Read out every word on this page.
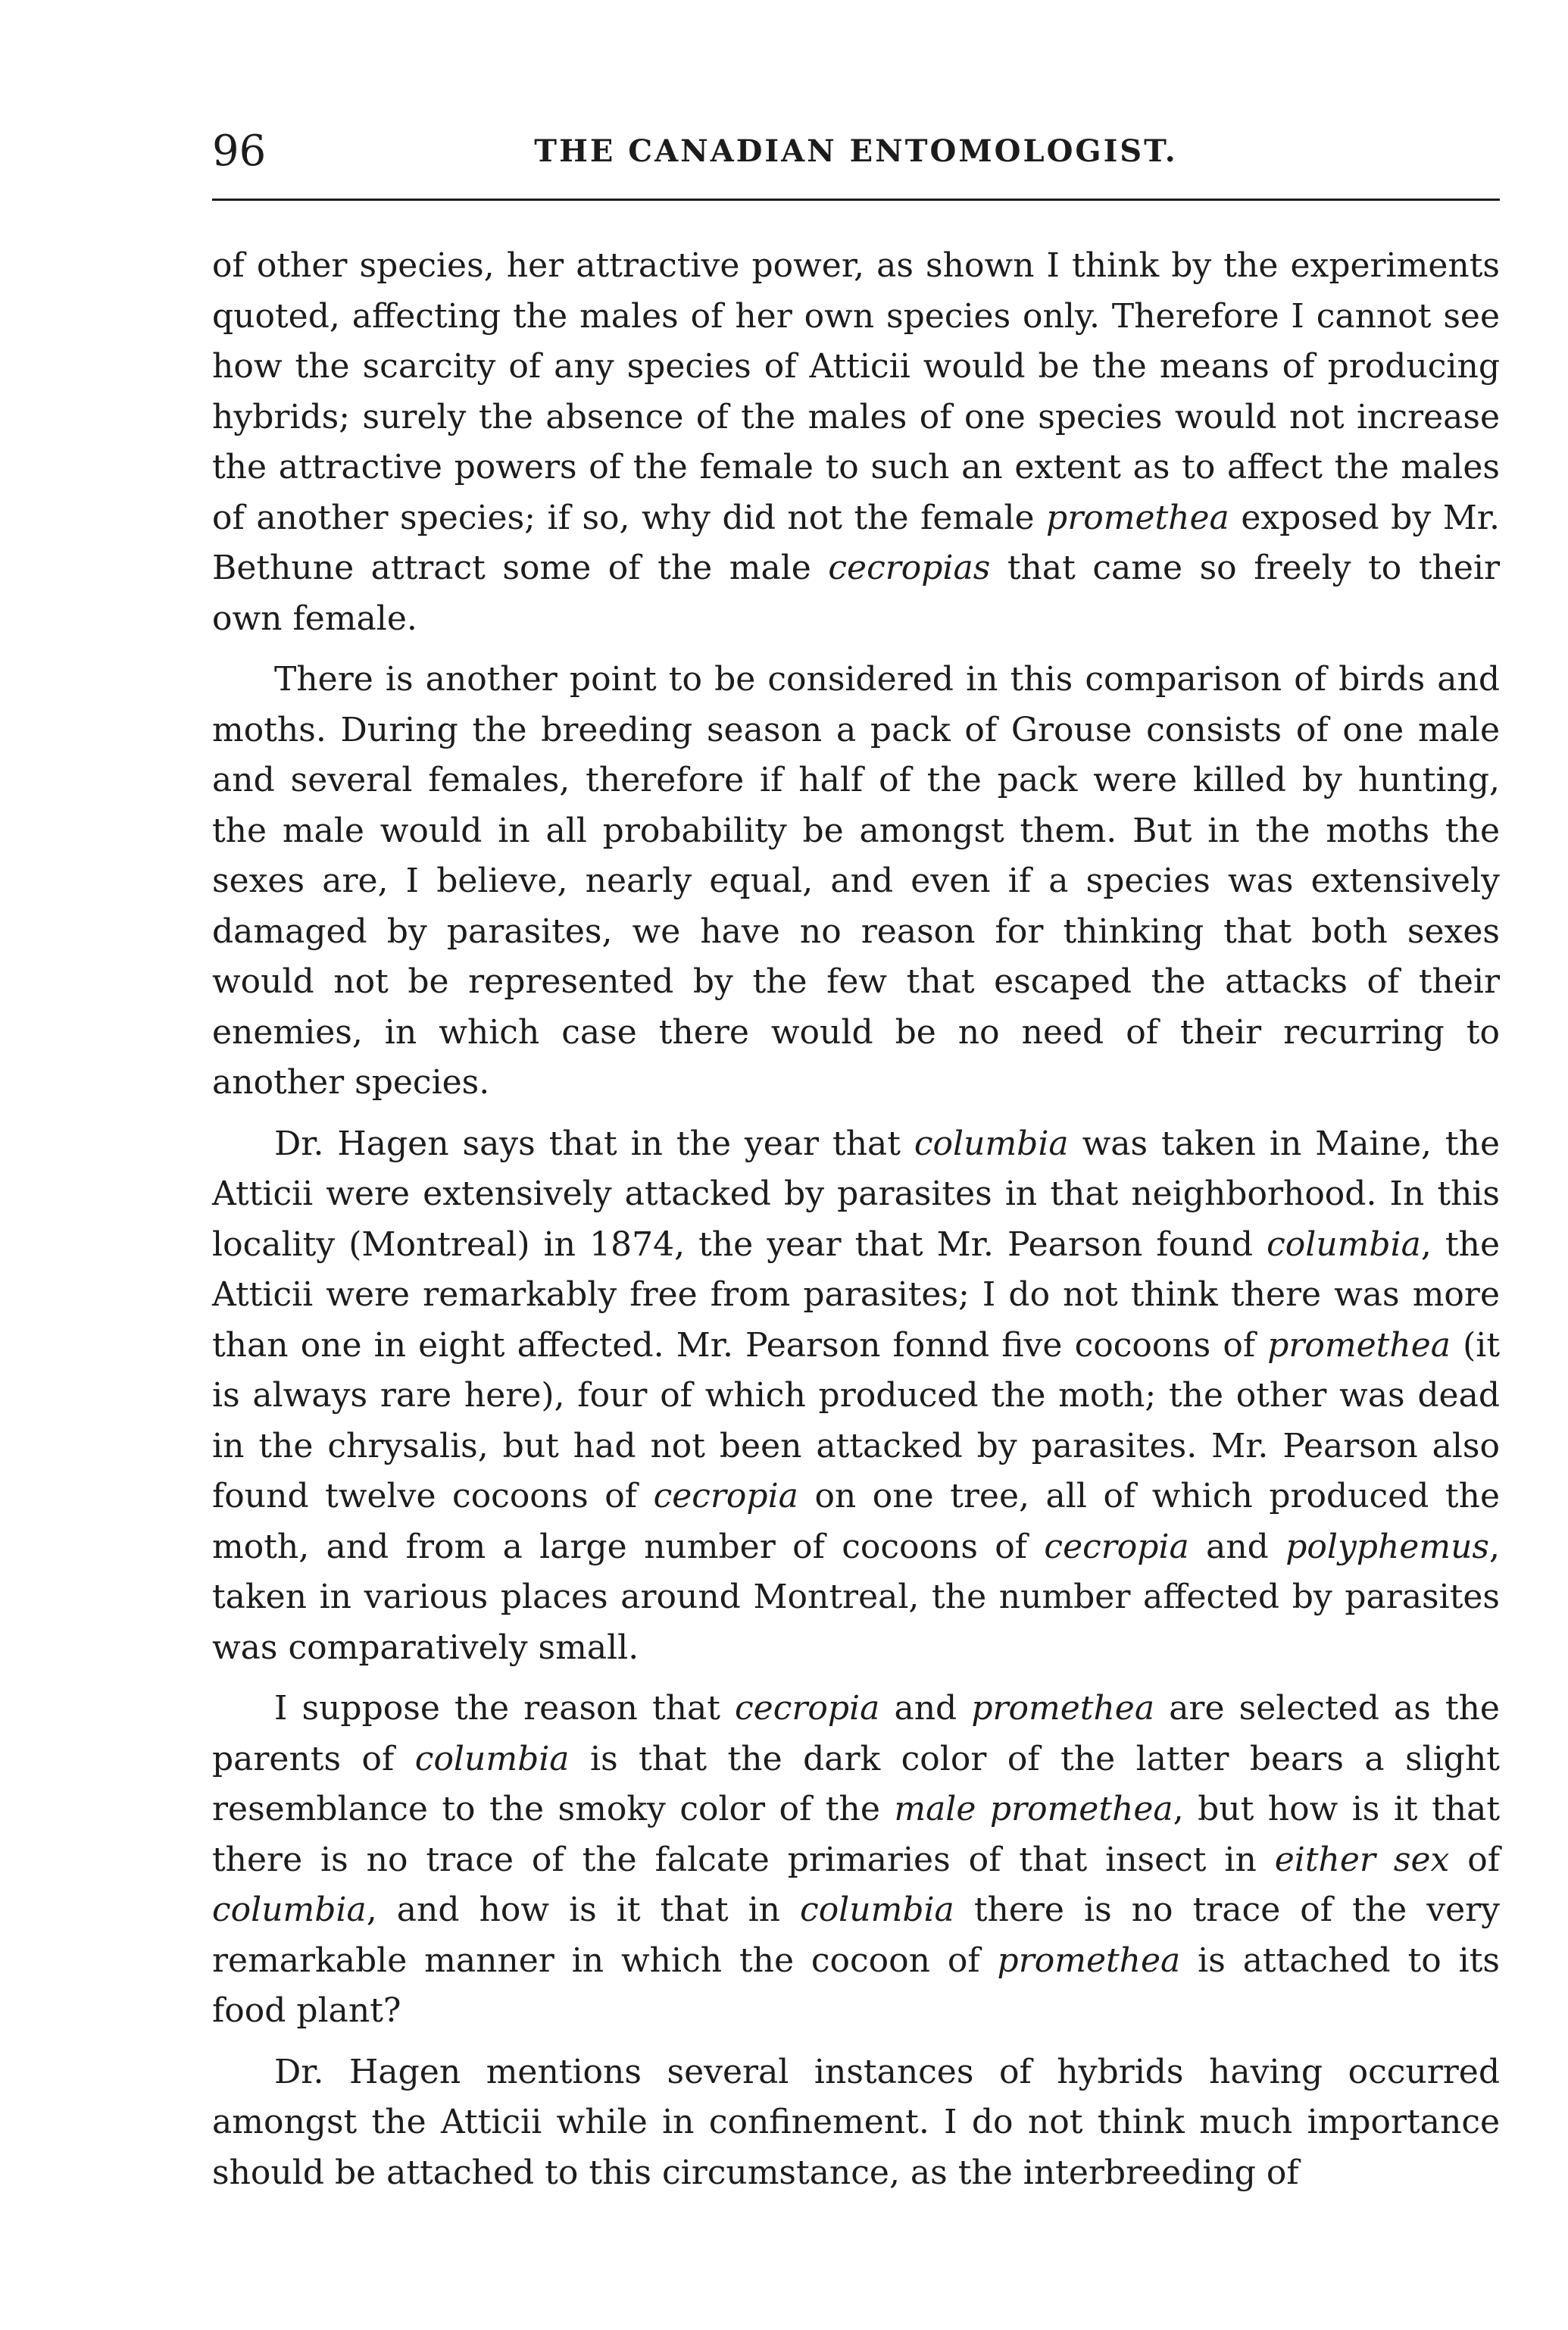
96	THE CANADIAN ENTOMOLOGIST.

of other species, her attractive power, as shown I think by the experiments quoted, affecting the males of her own species only. Therefore I cannot see how the scarcity of any species of Atticii would be the means of producing hybrids; surely the absence of the males of one species would not increase the attractive powers of the female to such an extent as to affect the males of another species; if so, why did not the female promethea exposed by Mr. Bethune attract some of the male cecropias that came so freely to their own female.

There is another point to be considered in this comparison of birds and moths. During the breeding season a pack of Grouse consists of one male and several females, therefore if half of the pack were killed by hunting, the male would in all probability be amongst them. But in the moths the sexes are, I believe, nearly equal, and even if a species was extensively damaged by parasites, we have no reason for thinking that both sexes would not be represented by the few that escaped the attacks of their enemies, in which case there would be no need of their recurring to another species.

Dr. Hagen says that in the year that columbia was taken in Maine, the Atticii were extensively attacked by parasites in that neighborhood. In this locality (Montreal) in 1874, the year that Mr. Pearson found columbia, the Atticii were remarkably free from parasites; I do not think there was more than one in eight affected. Mr. Pearson fonnd five cocoons of promethea (it is always rare here), four of which produced the moth; the other was dead in the chrysalis, but had not been attacked by parasites. Mr. Pearson also found twelve cocoons of cecropia on one tree, all of which produced the moth, and from a large number of cocoons of cecropia and polyphemus, taken in various places around Montreal, the number affected by parasites was comparatively small.

I suppose the reason that cecropia and promethea are selected as the parents of columbia is that the dark color of the latter bears a slight resemblance to the smoky color of the male promethea, but how is it that there is no trace of the falcate primaries of that insect in either sex of columbia, and how is it that in columbia there is no trace of the very remarkable manner in which the cocoon of promethea is attached to its food plant?

Dr. Hagen mentions several instances of hybrids having occurred amongst the Atticii while in confinement. I do not think much importance should be attached to this circumstance, as the interbreeding of
